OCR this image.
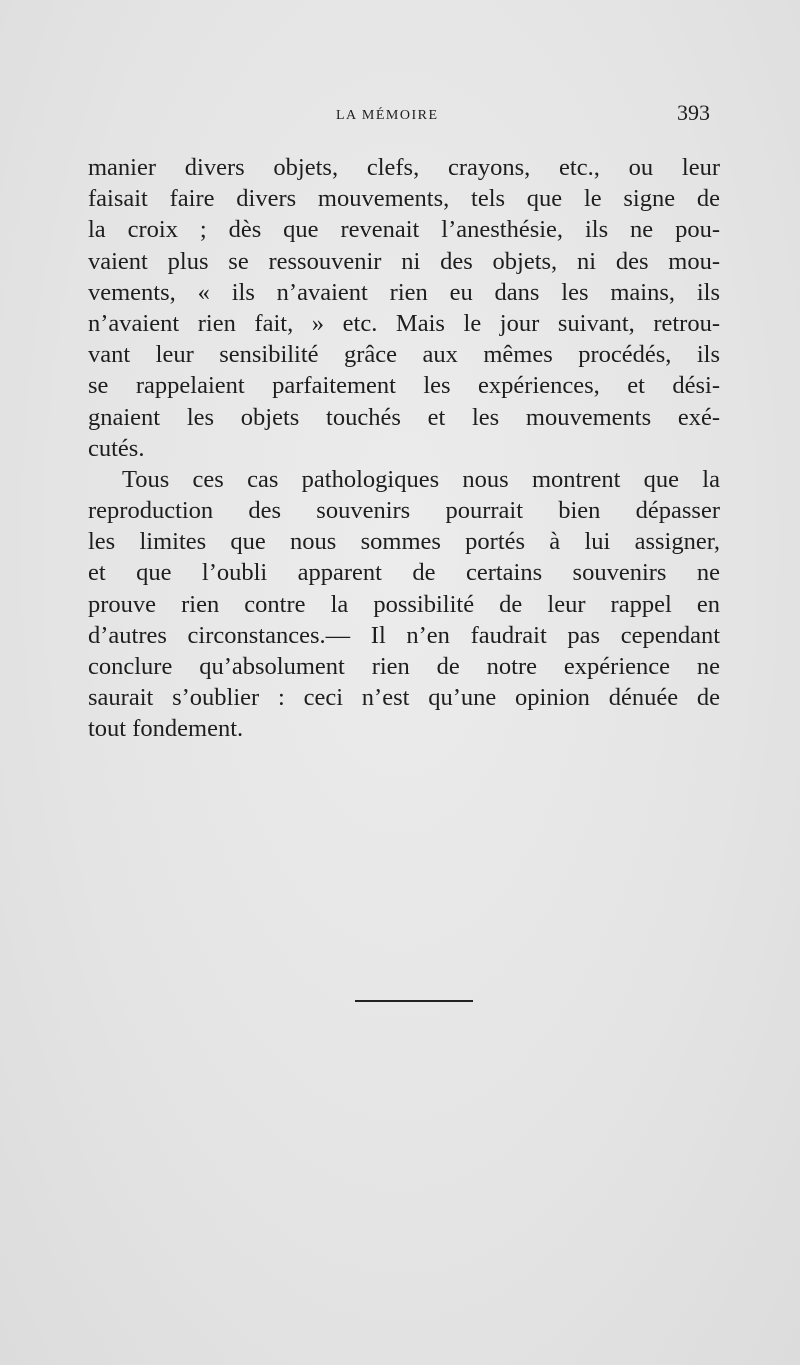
LA MÉMOIRE	393
manier divers objets, clefs, crayons, etc., ou leur
faisait faire divers mouvements, tels que le signe de
la croix ; dès que revenait l’anesthésie, ils ne pou-
vaient plus se ressouvenir ni des objets, ni des mou-
vements, « ils n’avaient rien eu dans les mains, ils
n’avaient rien fait, » etc. Mais le jour suivant, retrou-
vant leur sensibilité grâce aux mêmes procédés, ils
se rappelaient parfaitement les expériences, et dési-
gnaient les objets touchés et les mouvements exé-
cutés.
Tous ces cas pathologiques nous montrent que la
reproduction des souvenirs pourrait bien dépasser
les limites que nous sommes portés à lui assigner,
et que l’oubli apparent de certains souvenirs ne
prouve rien contre la possibilité de leur rappel en
d’autres circonstances.— Il n’en faudrait pas cependant
conclure qu’absolument rien de notre expérience ne
saurait s’oublier : ceci n’est qu’une opinion dénuée de
tout fondement.
